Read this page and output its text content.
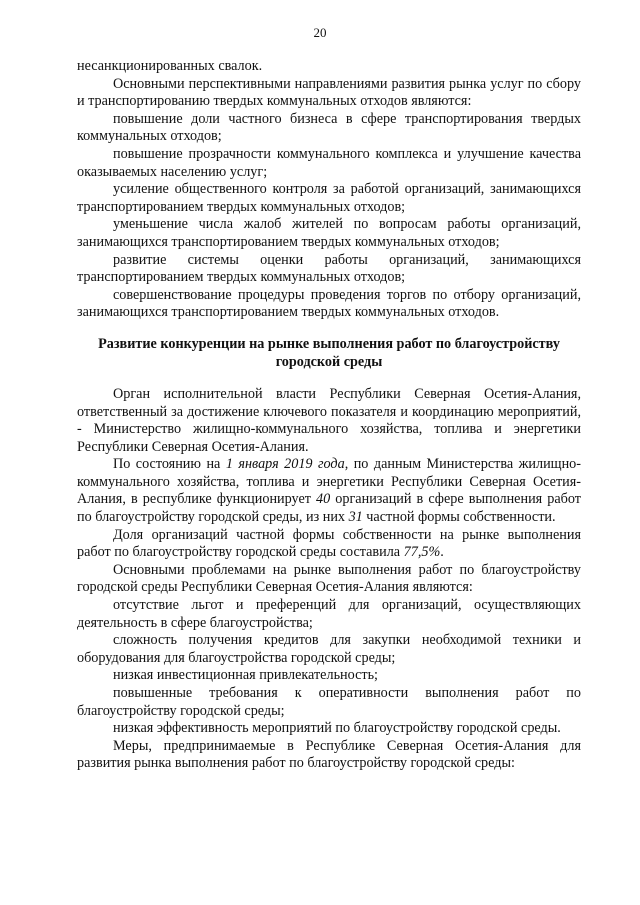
20

несанкционированных свалок.

Основными перспективными направлениями развития рынка услуг по сбору и транспортированию твердых коммунальных отходов являются:

повышение доли частного бизнеса в сфере транспортирования твердых коммунальных отходов;

повышение прозрачности коммунального комплекса и улучшение качества оказываемых населению услуг;

усиление общественного контроля за работой организаций, занимающихся транспортированием твердых коммунальных отходов;

уменьшение числа жалоб жителей по вопросам работы организаций, занимающихся транспортированием твердых коммунальных отходов;

развитие системы оценки работы организаций, занимающихся транспортированием твердых коммунальных отходов;

совершенствование процедуры проведения торгов по отбору организаций, занимающихся транспортированием твердых коммунальных отходов.

Развитие конкуренции на рынке выполнения работ по благоустройству городской среды

Орган исполнительной власти Республики Северная Осетия-Алания, ответственный за достижение ключевого показателя и координацию мероприятий, - Министерство жилищно-коммунального хозяйства, топлива и энергетики Республики Северная Осетия-Алания.

По состоянию на 1 января 2019 года, по данным Министерства жилищно-коммунального хозяйства, топлива и энергетики Республики Северная Осетия-Алания, в республике функционирует 40 организаций в сфере выполнения работ по благоустройству городской среды, из них 31 частной формы собственности.

Доля организаций частной формы собственности на рынке выполнения работ по благоустройству городской среды составила 77,5%.

Основными проблемами на рынке выполнения работ по благоустройству городской среды Республики Северная Осетия-Алания являются:

отсутствие льгот и преференций для организаций, осуществляющих деятельность в сфере благоустройства;

сложность получения кредитов для закупки необходимой техники и оборудования для благоустройства городской среды;

низкая инвестиционная привлекательность;

повышенные требования к оперативности выполнения работ по благоустройству городской среды;

низкая эффективность мероприятий по благоустройству городской среды.

Меры, предпринимаемые в Республике Северная Осетия-Алания для развития рынка выполнения работ по благоустройству городской среды:
